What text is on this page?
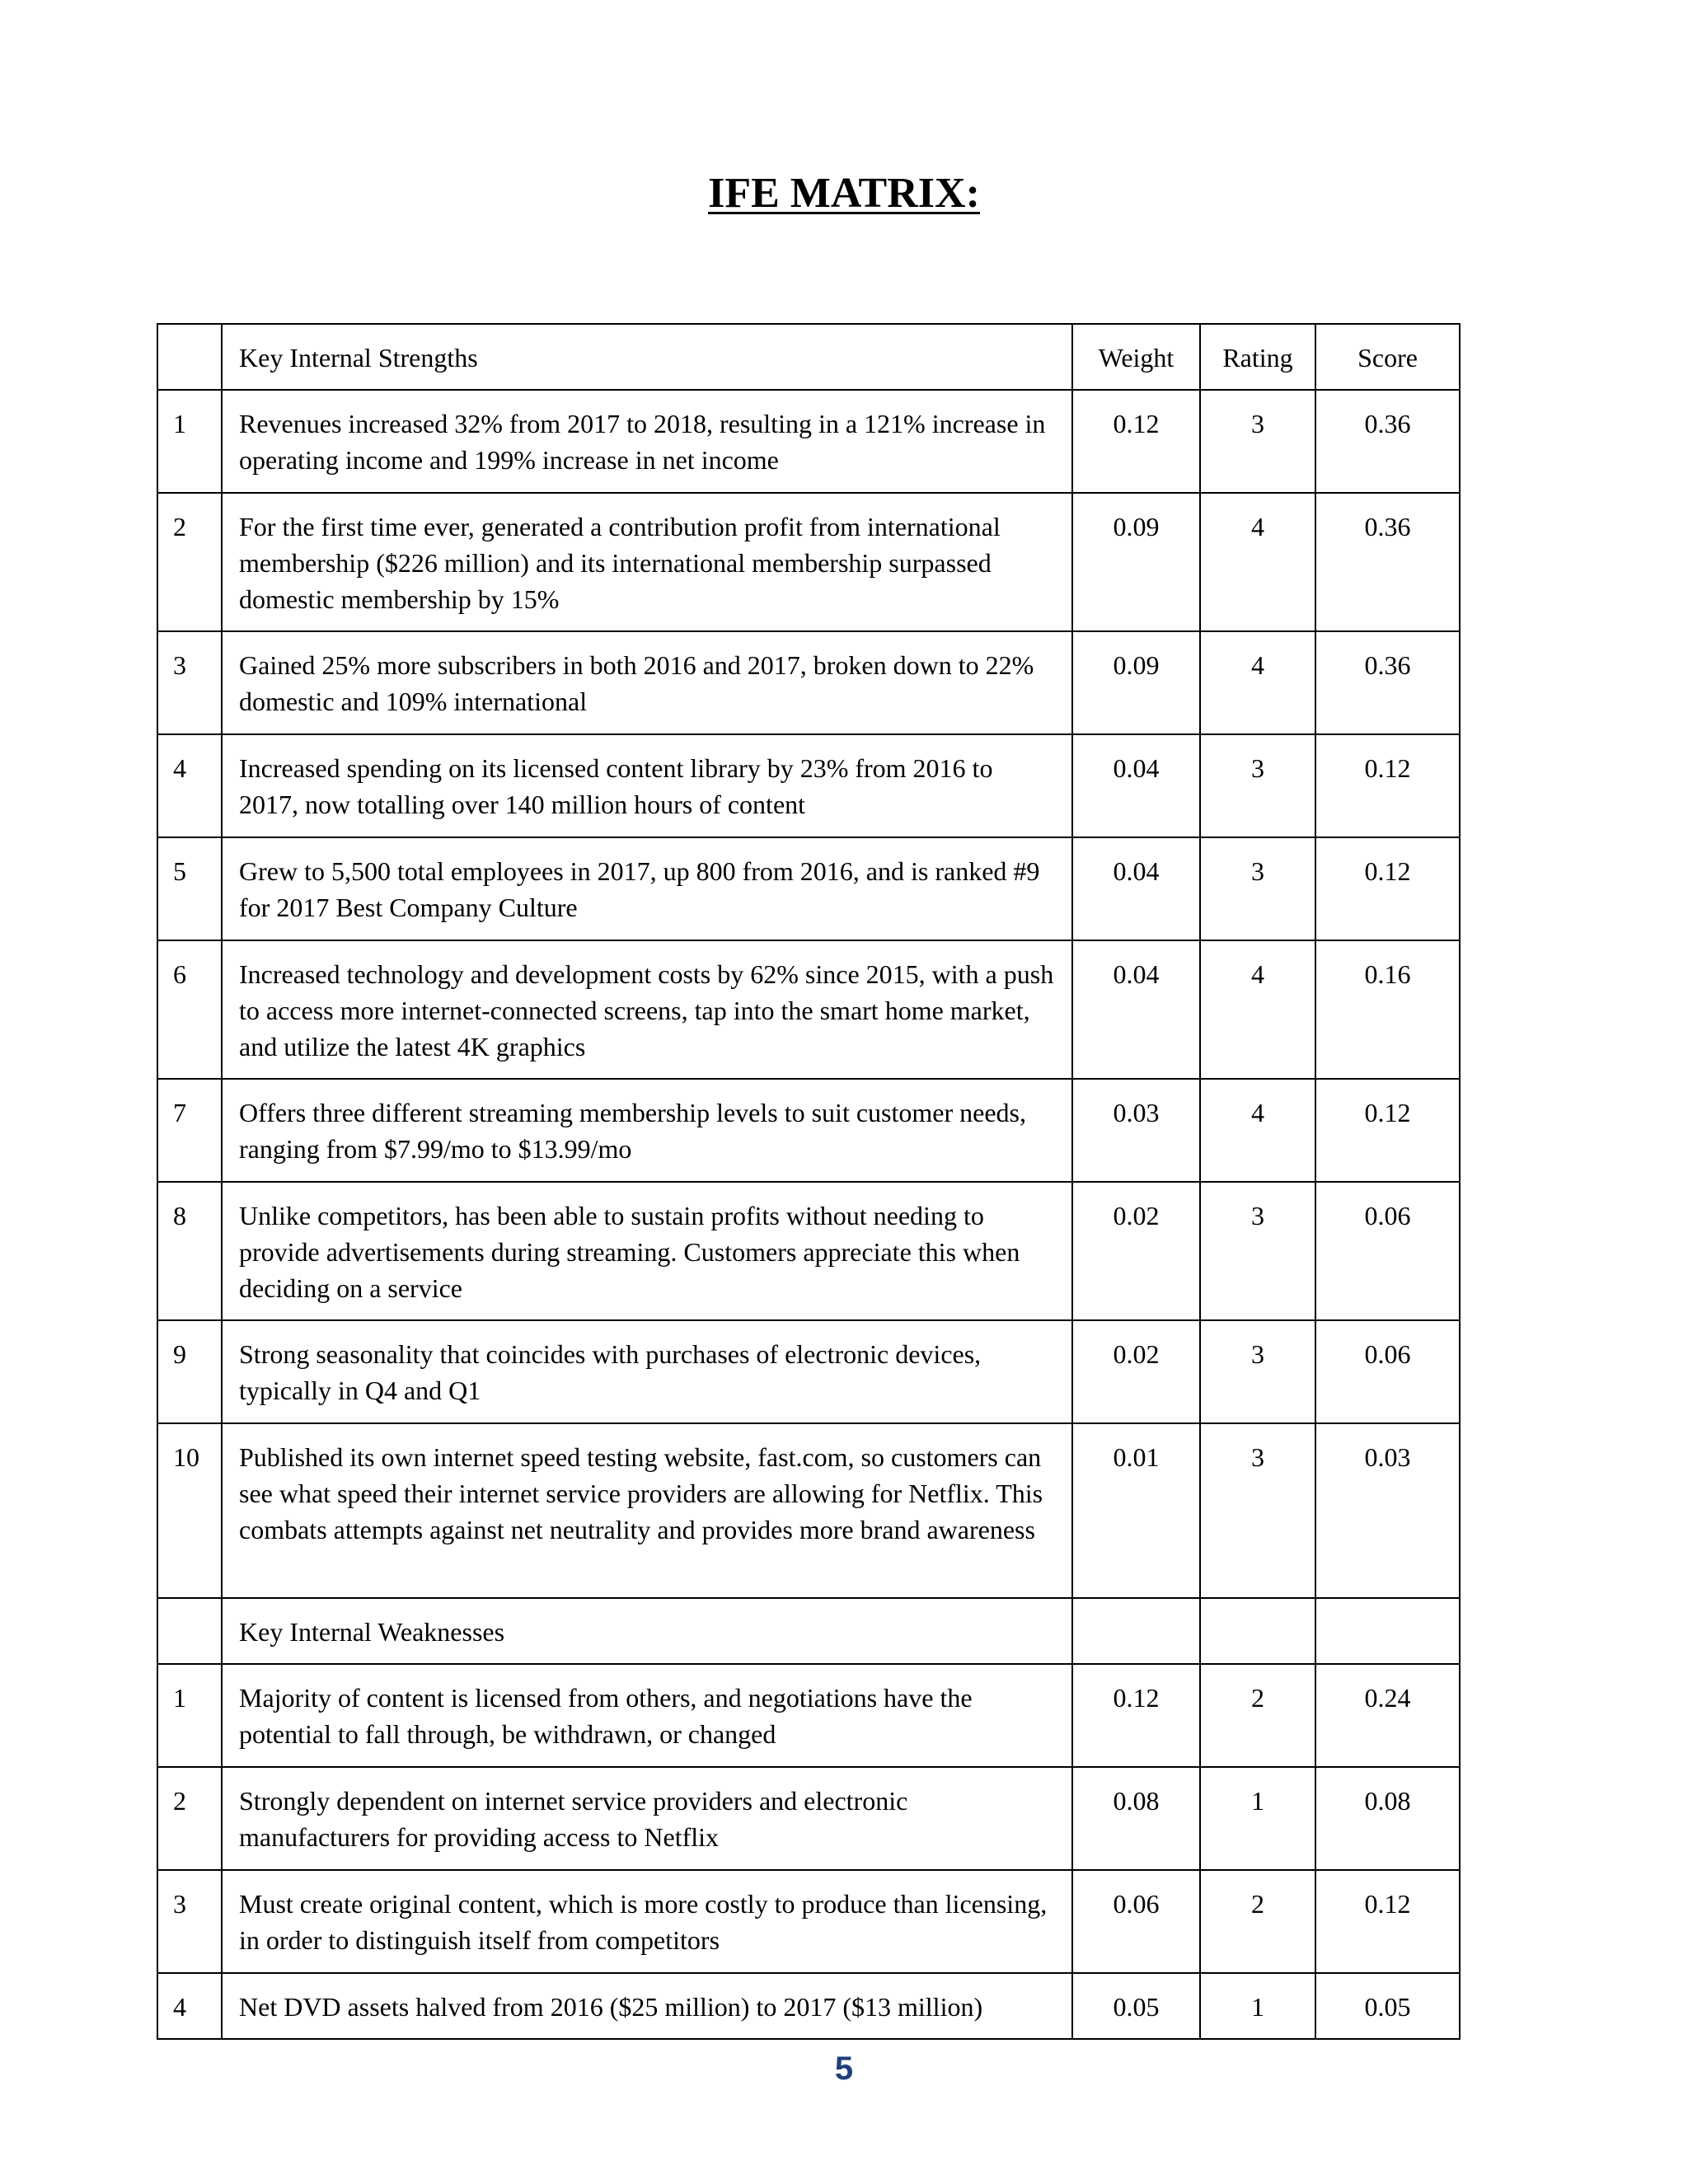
IFE MATRIX:
	Key Internal Strengths	Weight	Rating	Score
1	Revenues increased 32% from 2017 to 2018, resulting in a 121% increase in operating income and 199% increase in net income	0.12	3	0.36
2	For the first time ever, generated a contribution profit from international membership ($226 million) and its international membership surpassed domestic membership by 15%	0.09	4	0.36
3	Gained 25% more subscribers in both 2016 and 2017, broken down to 22% domestic and 109% international	0.09	4	0.36
4	Increased spending on its licensed content library by 23% from 2016 to 2017, now totalling over 140 million hours of content	0.04	3	0.12
5	Grew to 5,500 total employees in 2017, up 800 from 2016, and is ranked #9 for 2017 Best Company Culture	0.04	3	0.12
6	Increased technology and development costs by 62% since 2015, with a push to access more internet-connected screens, tap into the smart home market, and utilize the latest 4K graphics	0.04	4	0.16
7	Offers three different streaming membership levels to suit customer needs, ranging from $7.99/mo to $13.99/mo	0.03	4	0.12
8	Unlike competitors, has been able to sustain profits without needing to provide advertisements during streaming. Customers appreciate this when deciding on a service	0.02	3	0.06
9	Strong seasonality that coincides with purchases of electronic devices, typically in Q4 and Q1	0.02	3	0.06
10	Published its own internet speed testing website, fast.com, so customers can see what speed their internet service providers are allowing for Netflix. This combats attempts against net neutrality and provides more brand awareness	0.01	3	0.03
	Key Internal Weaknesses			
1	Majority of content is licensed from others, and negotiations have the potential to fall through, be withdrawn, or changed	0.12	2	0.24
2	Strongly dependent on internet service providers and electronic manufacturers for providing access to Netflix	0.08	1	0.08
3	Must create original content, which is more costly to produce than licensing, in order to distinguish itself from competitors	0.06	2	0.12
4	Net DVD assets halved from 2016 ($25 million) to 2017 ($13 million)	0.05	1	0.05
5
